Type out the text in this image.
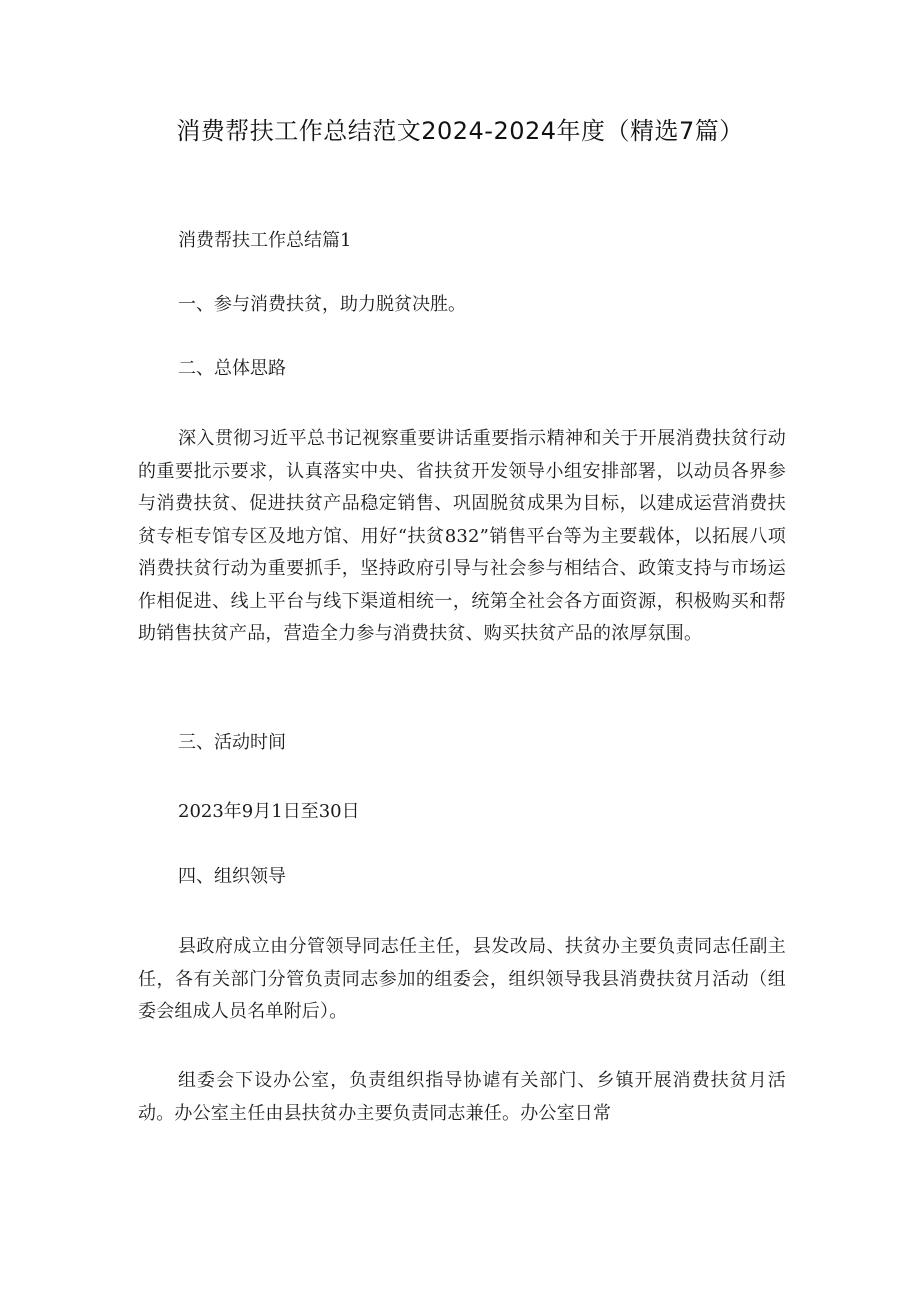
消费帮扶工作总结范文2024-2024年度（精选7篇）
消费帮扶工作总结篇1
一、参与消费扶贫，助力脱贫决胜。
二、总体思路
深入贯彻习近平总书记视察重要讲话重要指示精神和关于开展消费扶贫行动的重要批示要求，认真落实中央、省扶贫开发领导小组安排部署，以动员各界参与消费扶贫、促进扶贫产品稳定销售、巩固脱贫成果为目标，以建成运营消费扶贫专柜专馆专区及地方馆、用好“扶贫832”销售平台等为主要载体，以拓展八项消费扶贫行动为重要抓手，坚持政府引导与社会参与相结合、政策支持与市场运作相促进、线上平台与线下渠道相统一，统第全社会各方面资源，积极购买和帮助销售扶贫产品，营造全力参与消费扶贫、购买扶贫产品的浓厚氛围。
三、活动时间
2023年9月1日至30日
四、组织领导
县政府成立由分管领导同志任主任，县发改局、扶贫办主要负责同志任副主任，各有关部门分管负责同志参加的组委会，组织领导我县消费扶贫月活动（组委会组成人员名单附后）。
组委会下设办公室，负责组织指导协谑有关部门、乡镇开展消费扶贫月活动。办公室主任由县扶贫办主要负责同志兼任。办公室日常
